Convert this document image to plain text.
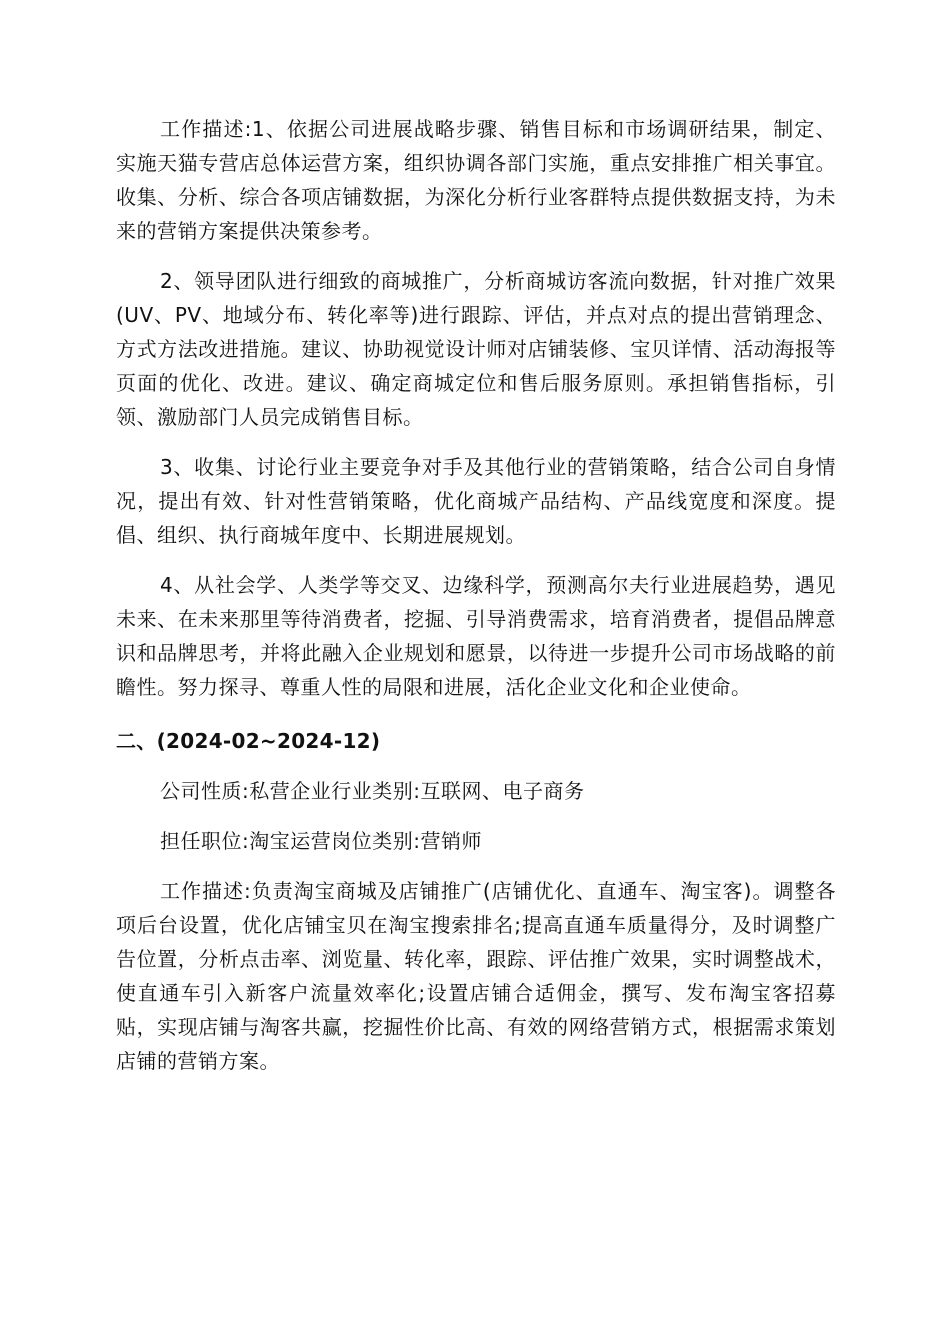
工作描述:1、依据公司进展战略步骤、销售目标和市场调研结果，制定、实施天猫专营店总体运营方案，组织协调各部门实施，重点安排推广相关事宜。收集、分析、综合各项店铺数据，为深化分析行业客群特点提供数据支持，为未来的营销方案提供决策参考。

2、领导团队进行细致的商城推广，分析商城访客流向数据，针对推广效果(UV、PV、地域分布、转化率等)进行跟踪、评估，并点对点的提出营销理念、方式方法改进措施。建议、协助视觉设计师对店铺装修、宝贝详情、活动海报等页面的优化、改进。建议、确定商城定位和售后服务原则。承担销售指标，引领、激励部门人员完成销售目标。

3、收集、讨论行业主要竞争对手及其他行业的营销策略，结合公司自身情况，提出有效、针对性营销策略，优化商城产品结构、产品线宽度和深度。提倡、组织、执行商城年度中、长期进展规划。

4、从社会学、人类学等交叉、边缘科学，预测高尔夫行业进展趋势，遇见未来、在未来那里等待消费者，挖掘、引导消费需求，培育消费者，提倡品牌意识和品牌思考，并将此融入企业规划和愿景，以待进一步提升公司市场战略的前瞻性。努力探寻、尊重人性的局限和进展，活化企业文化和企业使命。

二、(2024-02~2024-12)

公司性质:私营企业行业类别:互联网、电子商务

担任职位:淘宝运营岗位类别:营销师

工作描述:负责淘宝商城及店铺推广(店铺优化、直通车、淘宝客)。调整各项后台设置，优化店铺宝贝在淘宝搜索排名;提高直通车质量得分，及时调整广告位置，分析点击率、浏览量、转化率，跟踪、评估推广效果，实时调整战术，使直通车引入新客户流量效率化;设置店铺合适佣金，撰写、发布淘宝客招募贴，实现店铺与淘客共赢，挖掘性价比高、有效的网络营销方式，根据需求策划店铺的营销方案。
